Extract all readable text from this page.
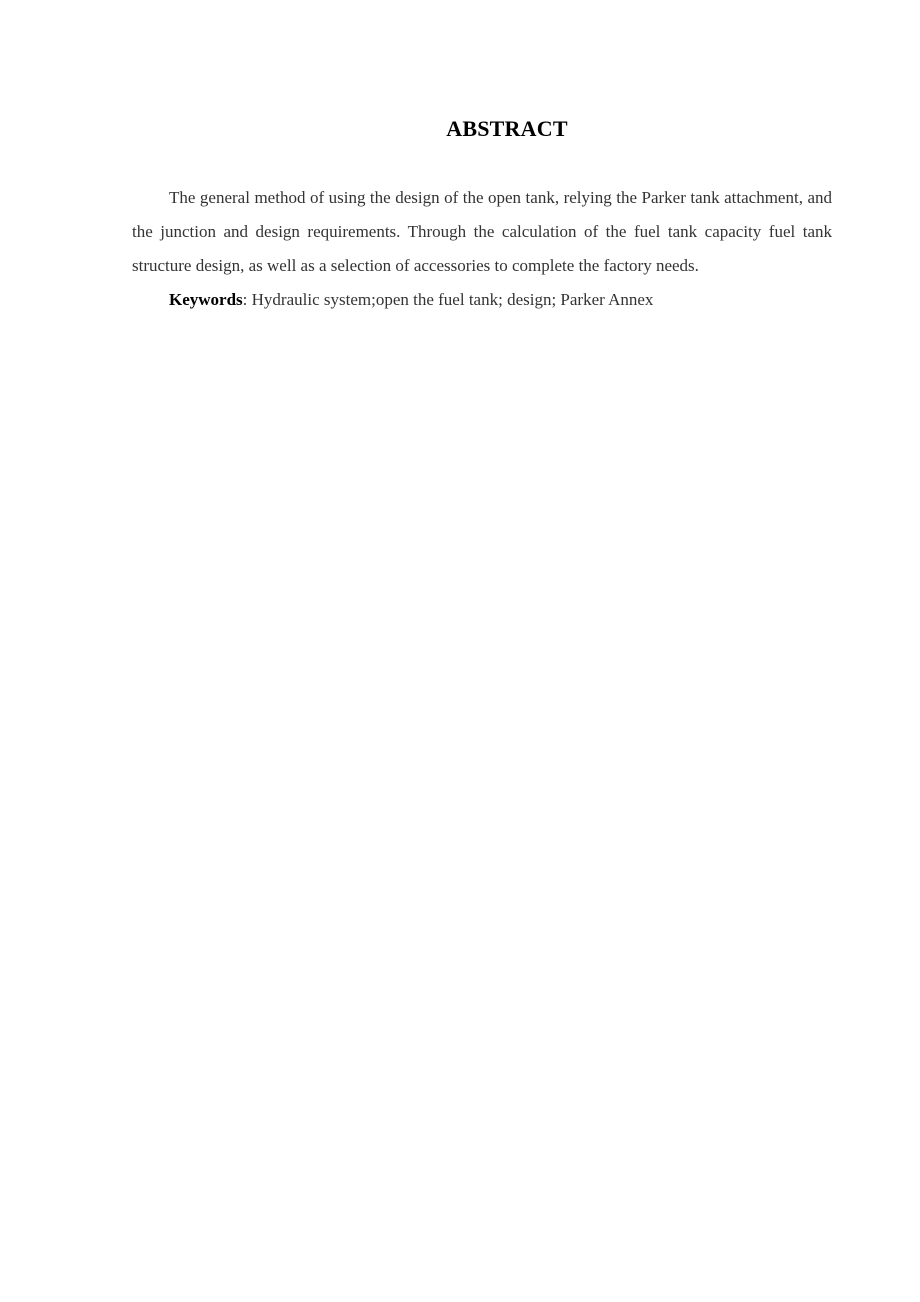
ABSTRACT

The general method of using the design of the open tank, relying the Parker tank attachment, and the junction and design requirements. Through the calculation of the fuel tank capacity fuel tank structure design, as well as a selection of accessories to complete the factory needs.

Keywords: Hydraulic system;open the fuel tank; design; Parker Annex
